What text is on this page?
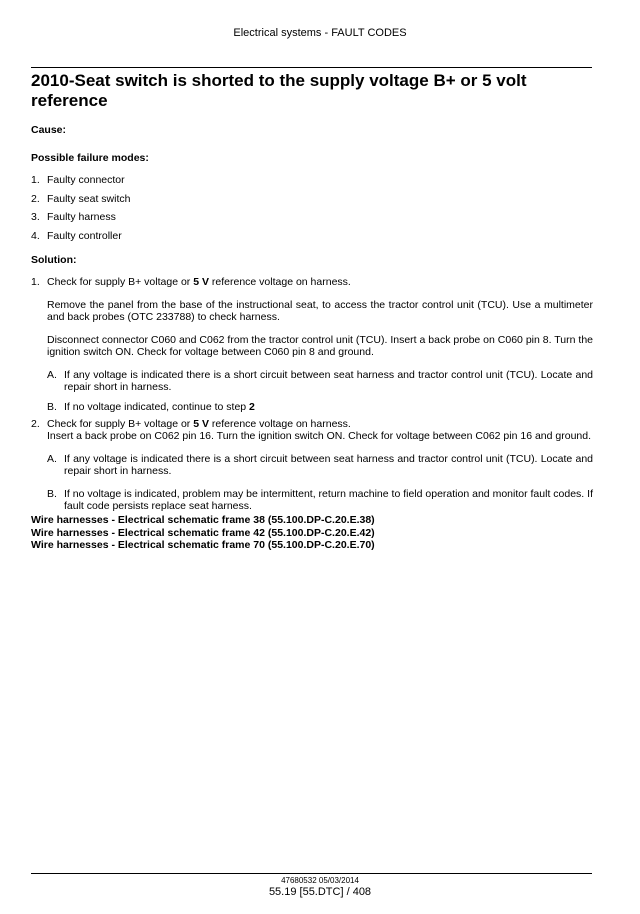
Electrical systems - FAULT CODES
2010-Seat switch is shorted to the supply voltage B+ or 5 volt reference

Cause:

Possible failure modes:

1. Faulty connector
2. Faulty seat switch
3. Faulty harness
4. Faulty controller

Solution:

1. Check for supply B+ voltage or 5 V reference voltage on harness.
Remove the panel from the base of the instructional seat, to access the tractor control unit (TCU). Use a multimeter and back probes (OTC 233788) to check harness.
Disconnect connector C060 and C062 from the tractor control unit (TCU). Insert a back probe on C060 pin 8. Turn the ignition switch ON. Check for voltage between C060 pin 8 and ground.
A. If any voltage is indicated there is a short circuit between seat harness and tractor control unit (TCU). Locate and repair short in harness.
B. If no voltage indicated, continue to step 2
2. Check for supply B+ voltage or 5 V reference voltage on harness.
Insert a back probe on C062 pin 16. Turn the ignition switch ON. Check for voltage between C062 pin 16 and ground.
A. If any voltage is indicated there is a short circuit between seat harness and tractor control unit (TCU). Locate and repair short in harness.
B. If no voltage is indicated, problem may be intermittent, return machine to field operation and monitor fault codes. If fault code persists replace seat harness.
Wire harnesses - Electrical schematic frame 38 (55.100.DP-C.20.E.38)
Wire harnesses - Electrical schematic frame 42 (55.100.DP-C.20.E.42)
Wire harnesses - Electrical schematic frame 70 (55.100.DP-C.20.E.70)
47680532 05/03/2014
55.19 [55.DTC] / 408
